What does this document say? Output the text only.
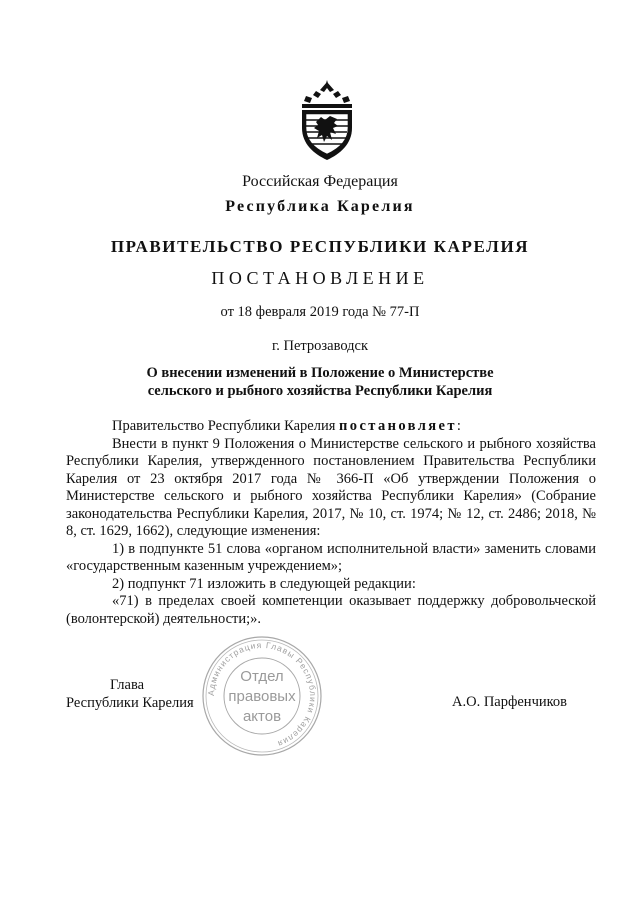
Российская Федерация
Республика Карелия
ПРАВИТЕЛЬСТВО РЕСПУБЛИКИ КАРЕЛИЯ
ПОСТАНОВЛЕНИЕ
от 18 февраля 2019 года № 77-П
г. Петрозаводск
О внесении изменений в Положение о Министерстве
сельского и рыбного хозяйства Республики Карелия

Правительство Республики Карелия постановляет:

Внести в пункт 9 Положения о Министерстве сельского и рыбного хозяйства Республики Карелия, утвержденного постановлением Правительства Республики Карелия от 23 октября 2017 года № 366-П «Об утверждении Положения о Министерстве сельского и рыбного хозяйства Республики Карелия» (Собрание законодательства Республики Карелия, 2017, № 10, ст. 1974; № 12, ст. 2486; 2018, № 8, ст. 1629, 1662), следующие изменения:

1) в подпункте 51 слова «органом исполнительной власти» заменить словами «государственным казенным учреждением»;

2) подпункт 71 изложить в следующей редакции:

«71) в пределах своей компетенции оказывает поддержку добровольческой (волонтерской) деятельности;».

Глава
Республики Карелия	А.О. Парфенчиков
Администрация Главы Республики Карелия
Отдел
правовых
актов
